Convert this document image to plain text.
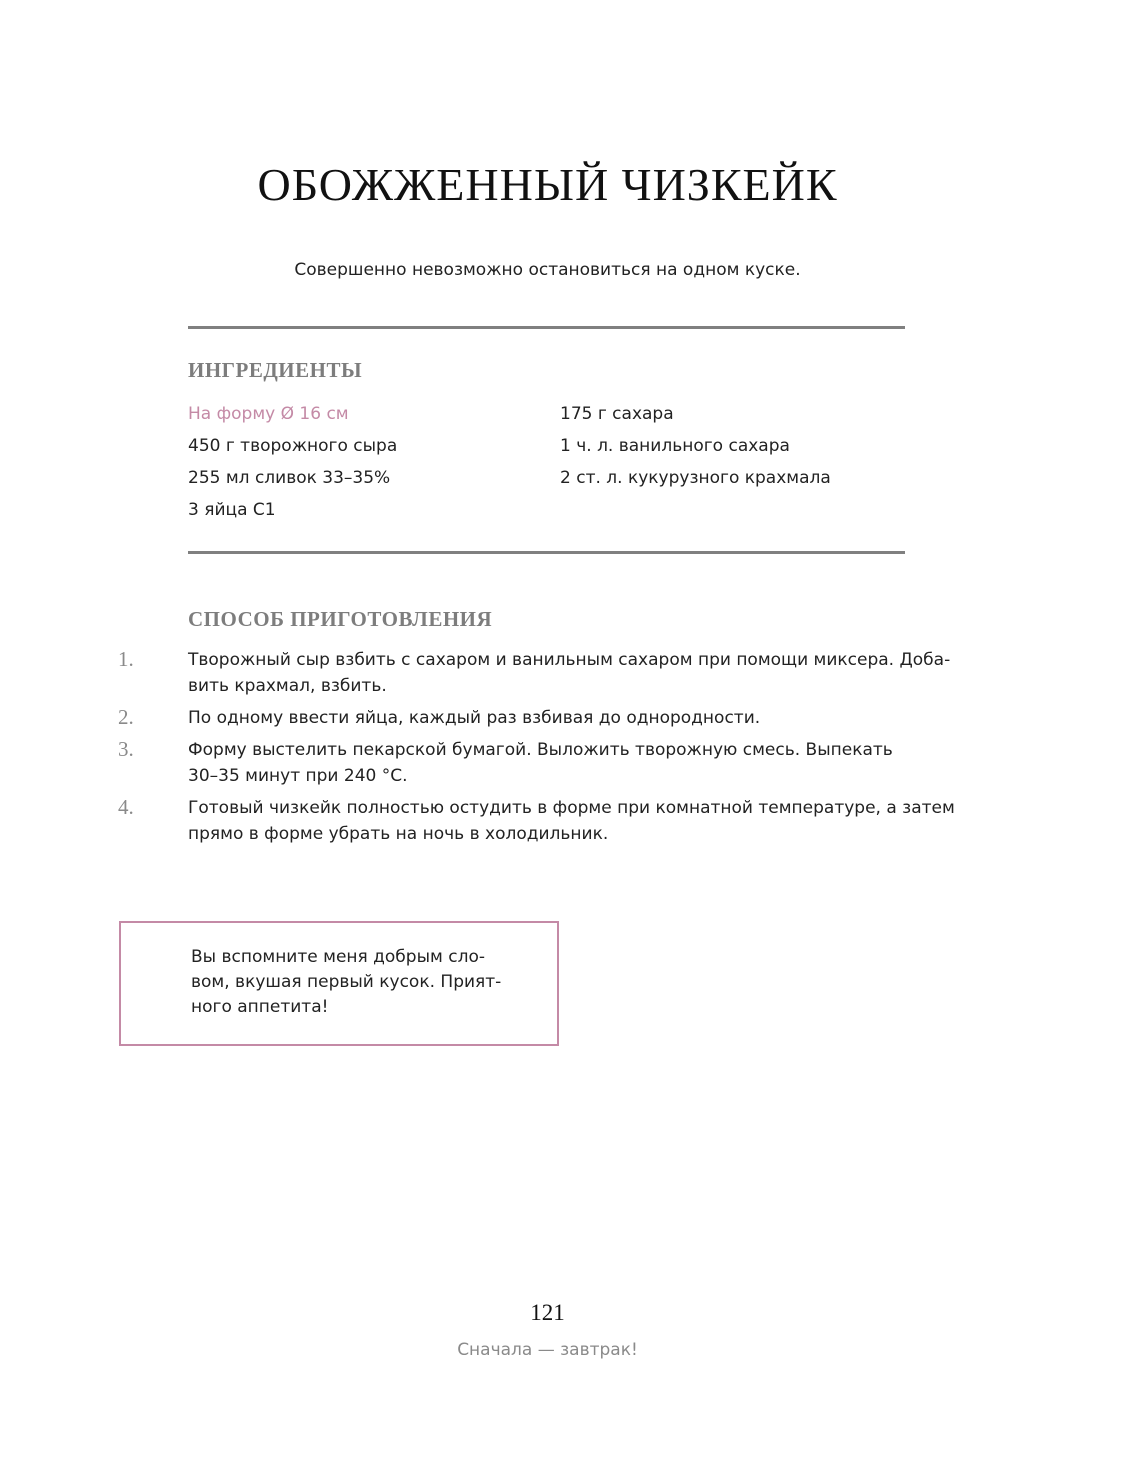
ОБОЖЖЕННЫЙ ЧИЗКЕЙК
Совершенно невозможно остановиться на одном куске.
ИНГРЕДИЕНТЫ
На форму Ø 16 см
450 г творожного сыра
255 мл сливок 33–35%
3 яйца С1
175 г сахара
1 ч. л. ванильного сахара
2 ст. л. кукурузного крахмала
СПОСОБ ПРИГОТОВЛЕНИЯ
1.	Творожный сыр взбить с сахаром и ванильным сахаром при помощи миксера. Доба-
вить крахмал, взбить.
2.	По одному ввести яйца, каждый раз взбивая до однородности.
3.	Форму выстелить пекарской бумагой. Выложить творожную смесь. Выпекать
30–35 минут при 240 °С.
4.	Готовый чизкейк полностью остудить в форме при комнатной температуре, а затем
прямо в форме убрать на ночь в холодильник.
Вы вспомните меня добрым сло-
вом, вкушая первый кусок. Прият-
ного аппетита!
121
Сначала — завтрак!
